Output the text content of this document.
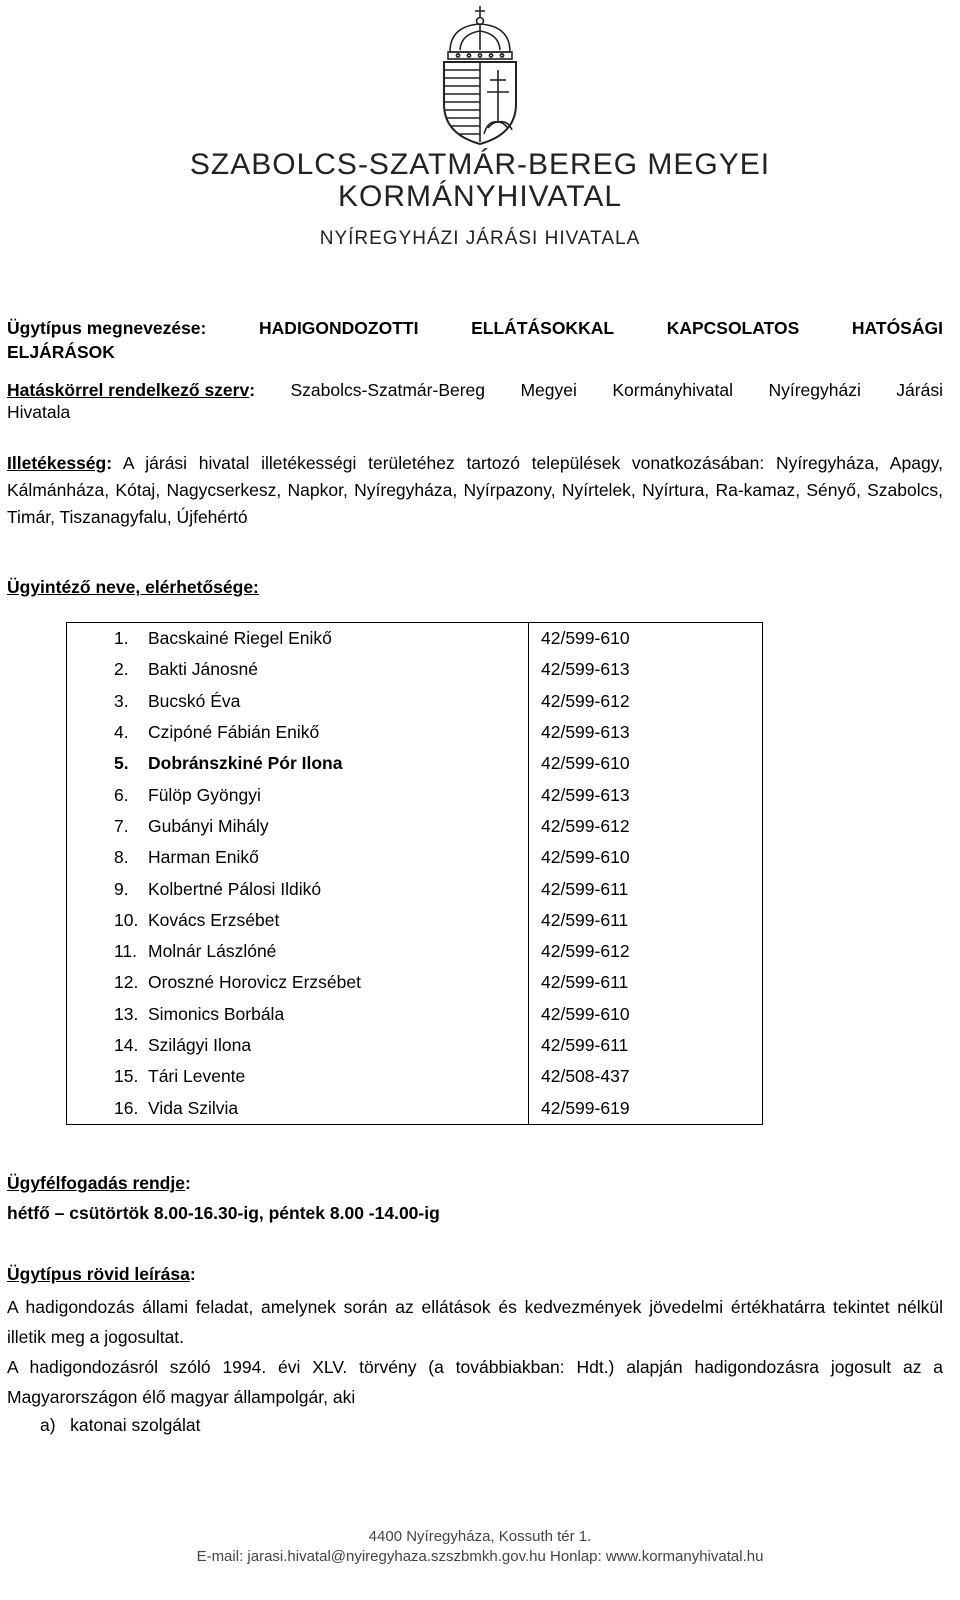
SZABOLCS-SZATMÁR-BEREG MEGYEI
KORMÁNYHIVATAL
NYÍREGYHÁZI JÁRÁSI HIVATALA
Ügytípus megnevezése:	HADIGONDOZOTTI	ELLÁTÁSOKKAL	KAPCSOLATOS	HATÓSÁGI
ELJÁRÁSOK
Hatáskörrel rendelkező szerv: Szabolcs-Szatmár-Bereg Megyei Kormányhivatal Nyíregyházi Járási
Hivatala
Illetékesség: A járási hivatal illetékességi területéhez tartozó települések vonatkozásában: Nyíregyháza, Apagy, Kálmánháza, Kótaj, Nagycserkesz, Napkor, Nyíregyháza, Nyírpazony, Nyírtelek, Nyírtura, Ra-kamaz, Sényő, Szabolcs, Timár, Tiszanagyfalu, Újfehértó
Ügyintéző neve, elérhetősége:
1. Bacskainé Riegel Enikő	42/599-610
2. Bakti Jánosné	42/599-613
3. Bucskó Éva	42/599-612
4. Czipóné Fábián Enikő	42/599-613
5. Dobránszkiné Pór Ilona	42/599-610
6. Fülöp Gyöngyi	42/599-613
7. Gubányi Mihály	42/599-612
8. Harman Enikő	42/599-610
9. Kolbertné Pálosi Ildikó	42/599-611
10. Kovács Erzsébet	42/599-611
11. Molnár Lászlóné	42/599-612
12. Oroszné Horovicz Erzsébet	42/599-611
13. Simonics Borbála	42/599-610
14. Szilágyi Ilona	42/599-611
15. Tári Levente	42/508-437
16. Vida Szilvia	42/599-619
Ügyfélfogadás rendje:
hétfő – csütörtök 8.00-16.30-ig, péntek 8.00 -14.00-ig
Ügytípus rövid leírása:
A hadigondozás állami feladat, amelynek során az ellátások és kedvezmények jövedelmi értékhatárra tekintet nélkül illetik meg a jogosultat.
A hadigondozásról szóló 1994. évi XLV. törvény (a továbbiakban: Hdt.) alapján hadigondozásra jogosult az a Magyarországon élő magyar állampolgár, aki
a) katonai szolgálat
4400 Nyíregyháza, Kossuth tér 1.
E-mail: jarasi.hivatal@nyiregyhaza.szszbmkh.gov.hu Honlap: www.kormanyhivatal.hu
